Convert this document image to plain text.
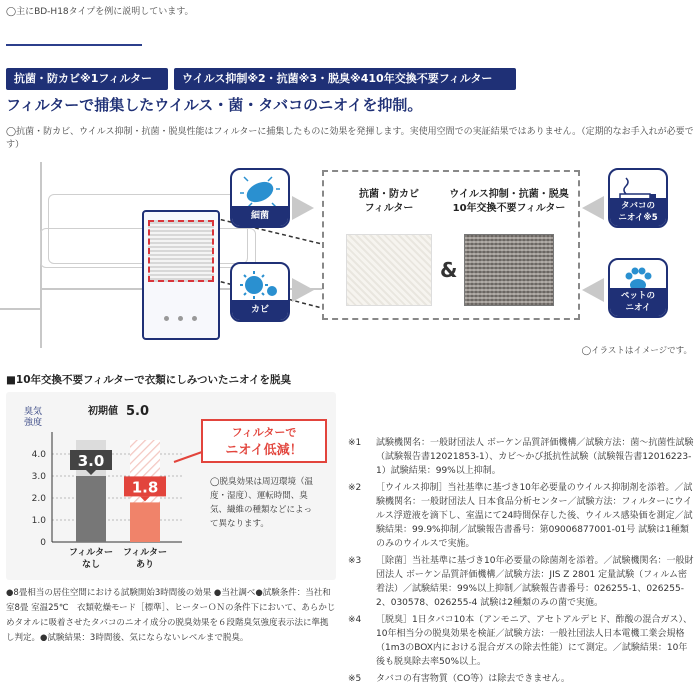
◯主にBD-H18タイプを例に説明しています。
抗菌・防カビ※1フィルター	ウイルス抑制※2・抗菌※3・脱臭※410年交換不要フィルター
フィルターで捕集したウイルス・菌・タバコのニオイを抑制。
◯抗菌・防カビ、ウイルス抑制・抗菌・脱臭性能はフィルターに捕集したものに効果を発揮します。実使用空間での実証結果ではありません。（定期的なお手入れが必要です）
細菌
カビ
タバコの
ニオイ※5
ペットの
ニオイ
抗菌・防カビ
フィルター
ウイルス抑制・抗菌・脱臭
10年交換不要フィルター
&
◯イラストはイメージです。
■10年交換不要フィルターで衣類にしみついたニオイを脱臭
臭気
強度
0
1.0
2.0
3.0
4.0 3.0
1.8
初期値 5.0
フィルター
なし
フィルター
あり
フィルターで
ニオイ低減！
◯脱臭効果は周辺環境（温
度・湿度）、運転時間、臭
気、繊維の種類などによっ
て異なります。
●8畳相当の居住空間における試験開始3時間後の効果 ●当社調べ●試験条件：当社和室8畳 室温25℃　衣類乾燥モード［標準］、ヒーターＯＮの条件下において、あらかじめタオルに吸着させたタバコのニオイ成分の脱臭効果を６段階臭気強度表示法に準拠し判定。●試験結果：3時間後、気にならないレベルまで脱臭。
※1	試験機関名：一般財団法人 ボーケン品質評価機構／試験方法：菌～抗菌性試験（試験報告書12021853-1）、カビ～かび抵抗性試験（試験報告書12016223-1）試験結果：99%以上抑制。
※2	［ウイルス抑制］当社基準に基づき10年必要量のウイルス抑制剤を添着。／試験機関名：一般財団法人 日本食品分析センター／試験方法：フィルターにウイルス浮遊液を滴下し、室温にて24時間保存した後、ウイルス感染価を測定／試験結果：99.9%抑制／試験報告書番号：第09006877001-01号 試験は1種類のみのウイルスで実施。
※3	［除菌］当社基準に基づき10年必要量の除菌剤を添着。／試験機関名：一般財団法人 ボーケン品質評価機構／試験方法：JIS Z 2801 定量試験（フィルム密着法）／試験結果：99%以上抑制／試験報告書番号：026255-1、026255-2、030578、026255-4 試験は2種類のみの菌で実施。
※4	［脱臭］1日タバコ10本（アンモニア、アセトアルデヒド、酢酸の混合ガス）、10年相当分の脱臭効果を検証／試験方法：一般社団法人日本電機工業会規格（1m3のBOX内における混合ガスの除去性能）にて測定。／試験結果：10年後も脱臭除去率50%以上。
※5	タバコの有害物質（CO等）は除去できません。
